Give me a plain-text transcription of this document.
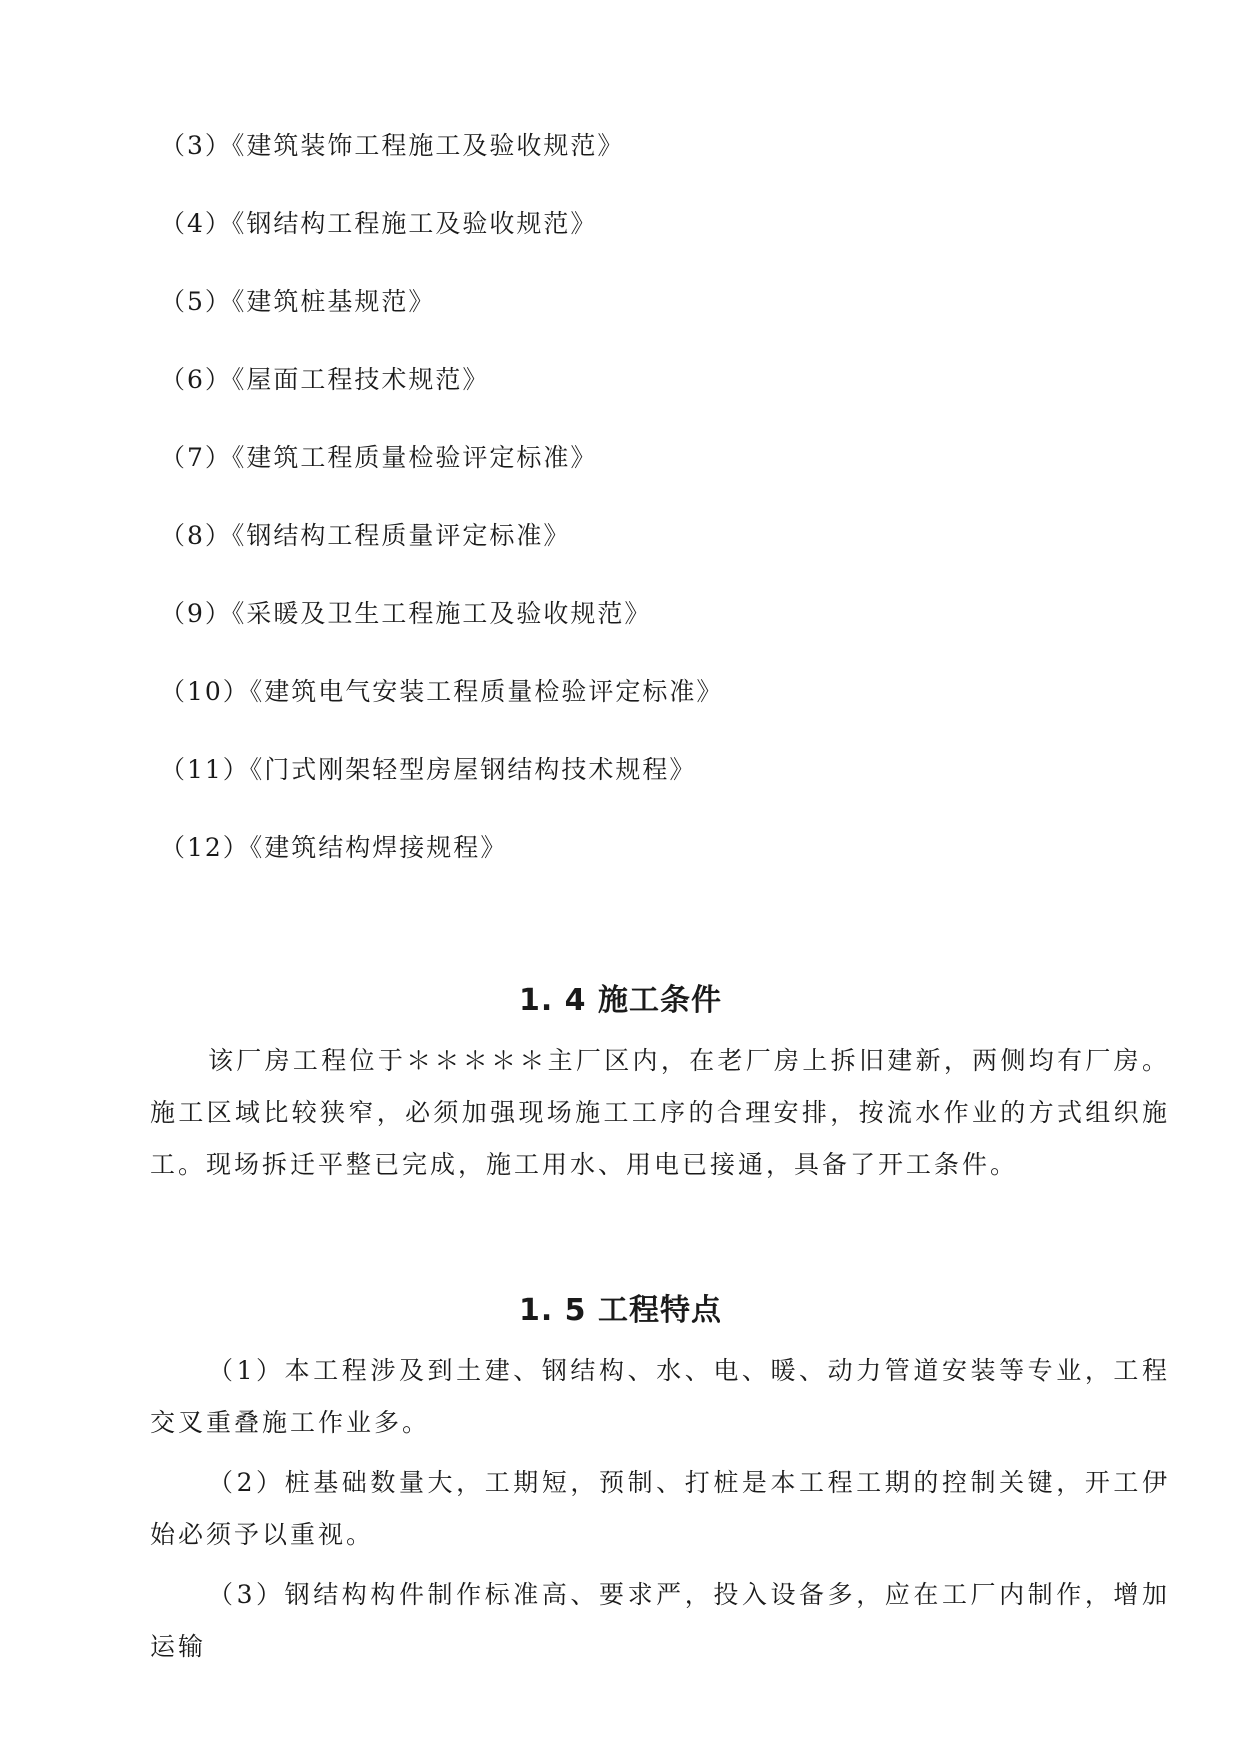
（3）《建筑装饰工程施工及验收规范》
（4）《钢结构工程施工及验收规范》
（5）《建筑桩基规范》
（6）《屋面工程技术规范》
（7）《建筑工程质量检验评定标准》
（8）《钢结构工程质量评定标准》
（9）《采暖及卫生工程施工及验收规范》
（10）《建筑电气安装工程质量检验评定标准》
（11）《门式刚架轻型房屋钢结构技术规程》
（12）《建筑结构焊接规程》
1. 4 施工条件

该厂房工程位于＊＊＊＊＊主厂区内，在老厂房上拆旧建新，两侧均有厂房。施工区域比较狭窄，必须加强现场施工工序的合理安排，按流水作业的方式组织施工。现场拆迁平整已完成，施工用水、用电已接通，具备了开工条件。

1. 5 工程特点

（1）本工程涉及到土建、钢结构、水、电、暖、动力管道安装等专业，工程交叉重叠施工作业多。

（2）桩基础数量大，工期短，预制、打桩是本工程工期的控制关键，开工伊始必须予以重视。

（3）钢结构构件制作标准高、要求严，投入设备多，应在工厂内制作，增加运输
